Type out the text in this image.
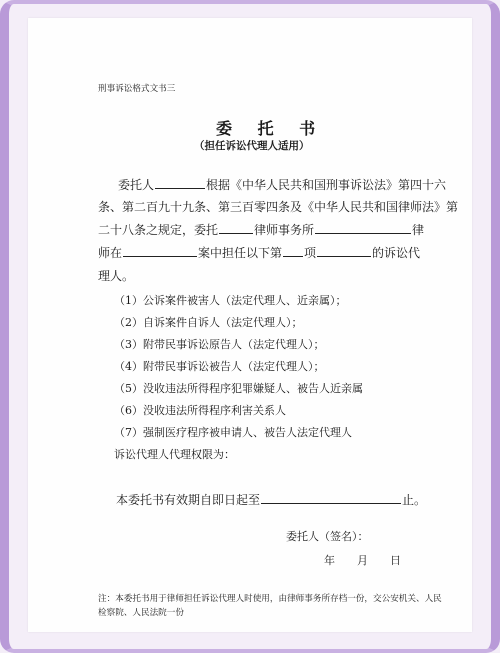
刑事诉讼格式文书三
委 托 书
（担任诉讼代理人适用）
委托人	根据《中华人民共和国刑事诉讼法》第四十六
条、第二百九十九条、第三百零四条及《中华人民共和国律师法》第
二十八条之规定，委托	律师事务所	律
师在	案中担任以下第 项	的诉讼代
理人。
（1）公诉案件被害人（法定代理人、近亲属）；
（2）自诉案件自诉人（法定代理人）；
（3）附带民事诉讼原告人（法定代理人）；
（4）附带民事诉讼被告人（法定代理人）；
（5）没收违法所得程序犯罪嫌疑人、被告人近亲属
（6）没收违法所得程序利害关系人
（7）强制医疗程序被申请人、被告人法定代理人
诉讼代理人代理权限为：
本委托书有效期自即日起至	止。
委托人（签名）：
年　　月　　日
注：本委托书用于律师担任诉讼代理人时使用，由律师事务所存档一份，交公安机关、人民
检察院、人民法院一份
